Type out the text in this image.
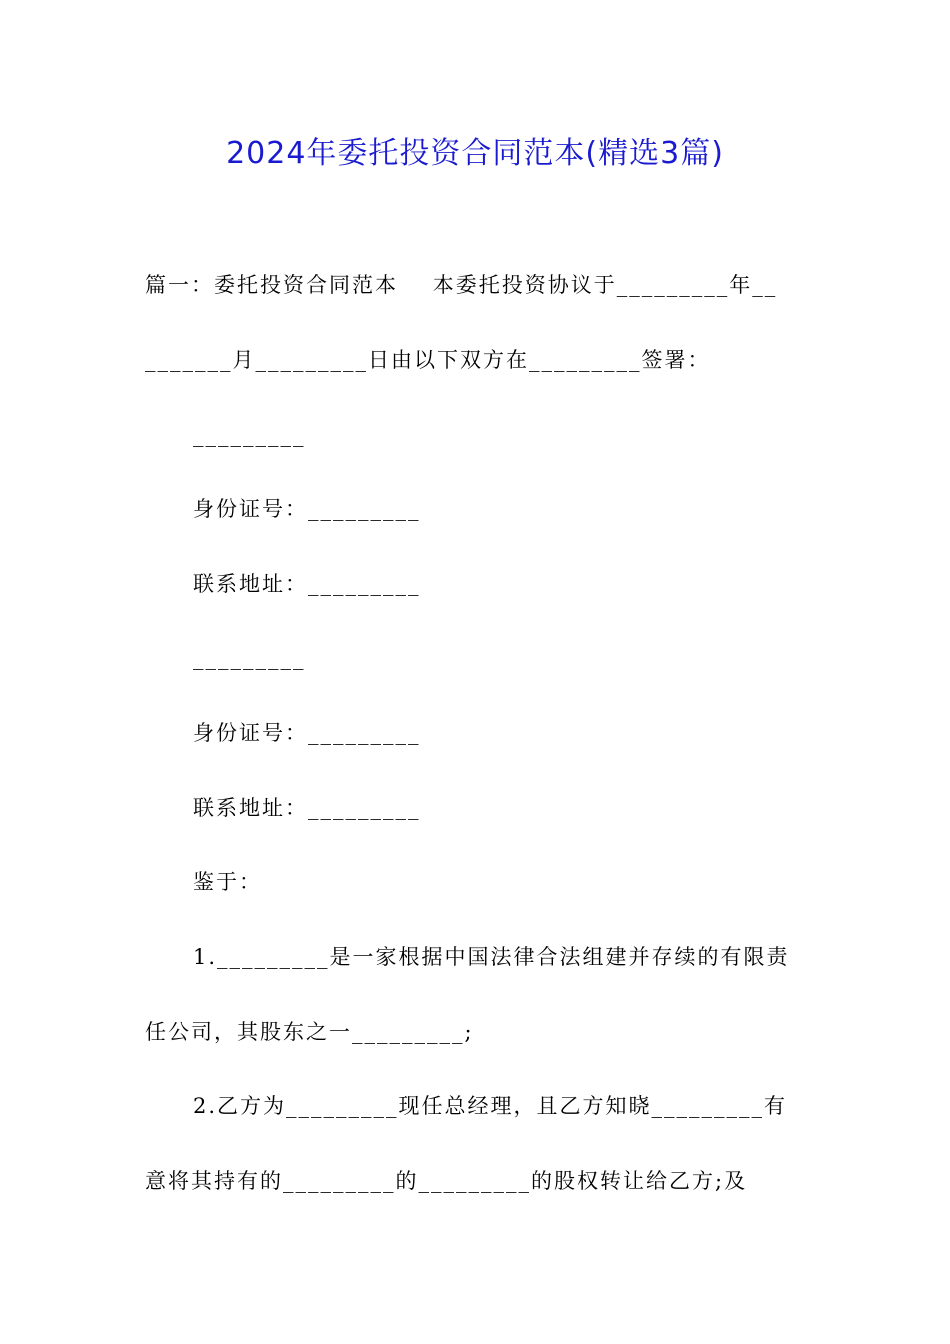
2024年委托投资合同范本(精选3篇)
篇一：委托投资合同范本    本委托投资协议于_________年__
_______月_________日由以下双方在_________签署：
_________
身份证号：_________
联系地址：_________
_________
身份证号：_________
联系地址：_________
鉴于：
1._________是一家根据中国法律合法组建并存续的有限责
任公司，其股东之一_________;
2.乙方为_________现任总经理，且乙方知晓_________有
意将其持有的_________的_________的股权转让给乙方;及
